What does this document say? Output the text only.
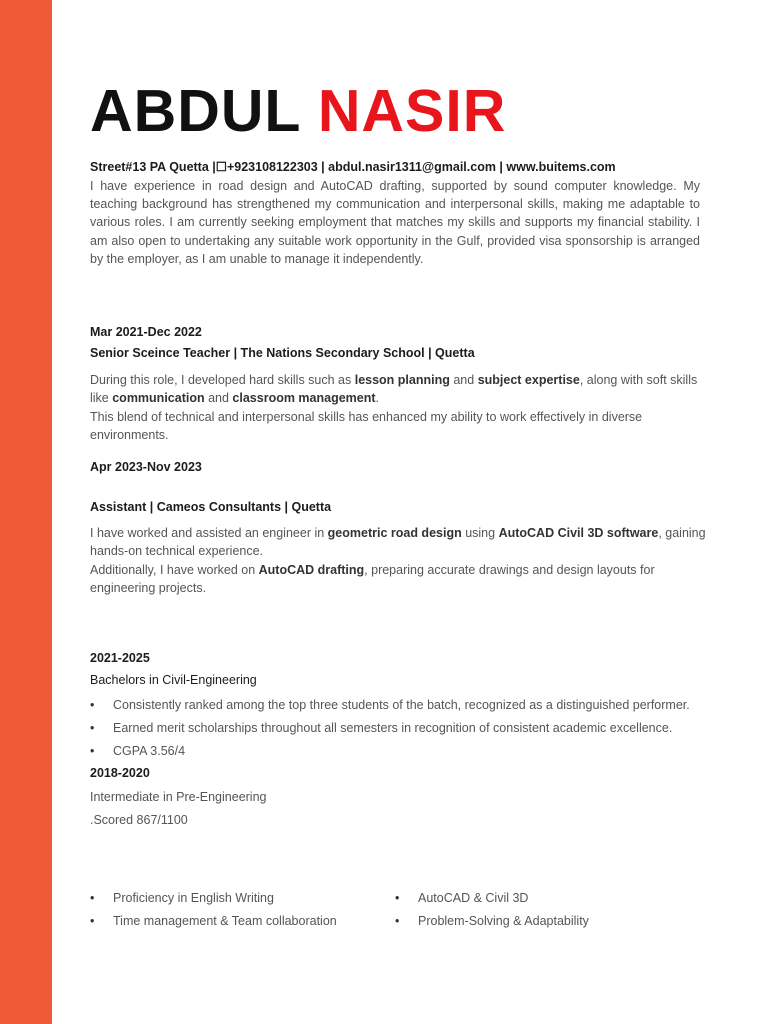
ABDUL NASIR
Street#13 PA Quetta |☐+923108122303 | abdul.nasir1311@gmail.com | www.buitems.com

I have experience in road design and AutoCAD drafting, supported by sound computer knowledge. My teaching background has strengthened my communication and interpersonal skills, making me adaptable to various roles. I am currently seeking employment that matches my skills and supports my financial stability. I am also open to undertaking any suitable work opportunity in the Gulf, provided visa sponsorship is arranged by the employer, as I am unable to manage it independently.

Mar 2021-Dec 2022
Senior Sceince Teacher | The Nations Secondary School | Quetta

During this role, I developed hard skills such as lesson planning and subject expertise, along with soft skills like communication and classroom management.
This blend of technical and interpersonal skills has enhanced my ability to work effectively in diverse environments.

Apr 2023-Nov 2023
Assistant | Cameos Consultants | Quetta

I have worked and assisted an engineer in geometric road design using AutoCAD Civil 3D software, gaining hands-on technical experience.
Additionally, I have worked on AutoCAD drafting, preparing accurate drawings and design layouts for engineering projects.

2021-2025
Bachelors in Civil-Engineering
• Consistently ranked among the top three students of the batch, recognized as a distinguished performer.
• Earned merit scholarships throughout all semesters in recognition of consistent academic excellence.
• CGPA 3.56/4
2018-2020
Intermediate in Pre-Engineering
.Scored 867/1100
• Proficiency in English Writing
• Time management & Team collaboration
• AutoCAD & Civil 3D
• Problem-Solving & Adaptability
